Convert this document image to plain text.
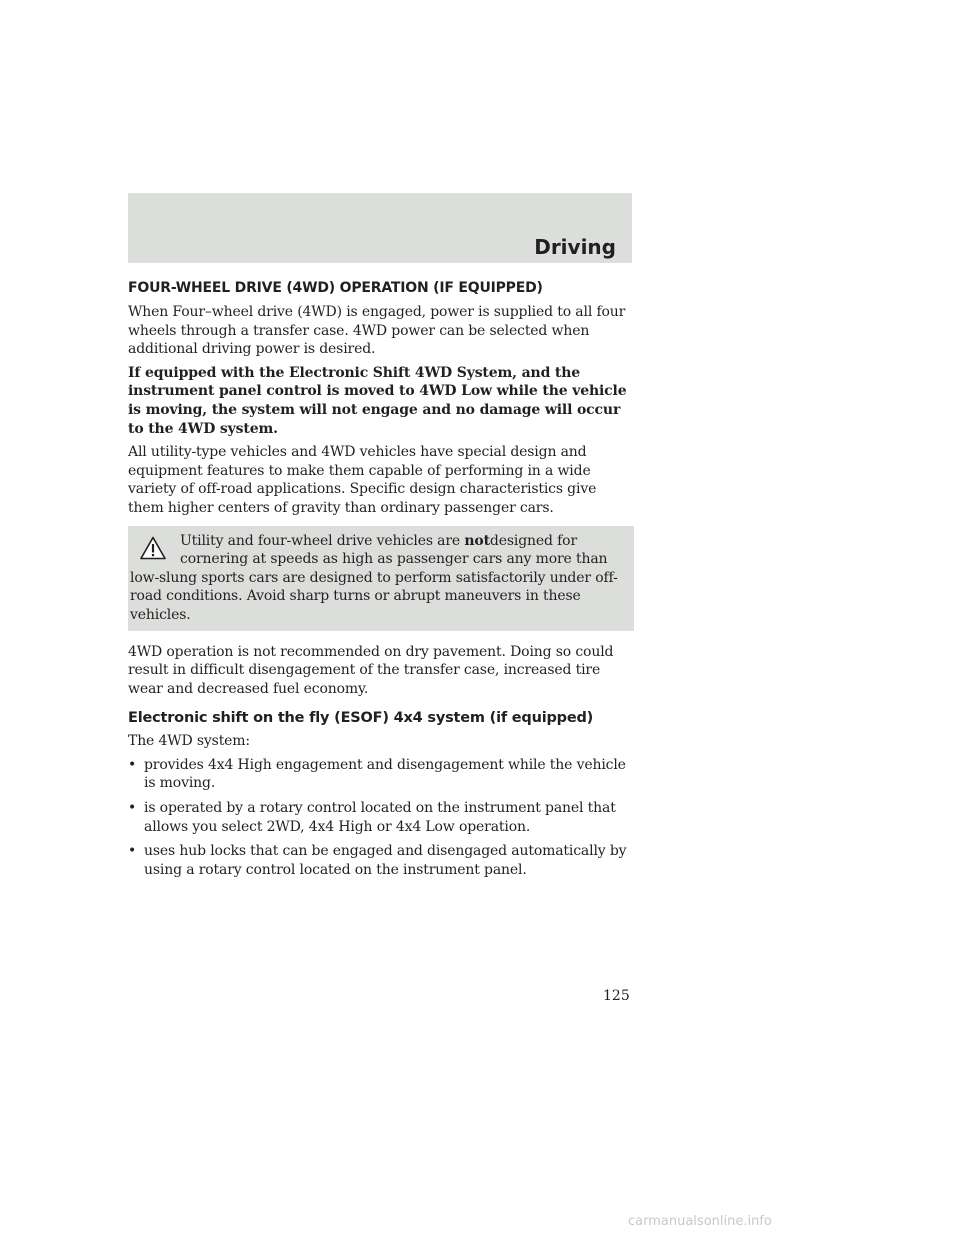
Driving
FOUR-WHEEL DRIVE (4WD) OPERATION (IF EQUIPPED)

When Four–wheel drive (4WD) is engaged, power is supplied to all four wheels through a transfer case. 4WD power can be selected when additional driving power is desired.

If equipped with the Electronic Shift 4WD System, and the instrument panel control is moved to 4WD Low while the vehicle is moving, the system will not engage and no damage will occur to the 4WD system.

All utility-type vehicles and 4WD vehicles have special design and equipment features to make them capable of performing in a wide variety of off-road applications. Specific design characteristics give them higher centers of gravity than ordinary passenger cars.

Utility and four-wheel drive vehicles are notdesigned for cornering at speeds as high as passenger cars any more than low-slung sports cars are designed to perform satisfactorily under off-road conditions. Avoid sharp turns or abrupt maneuvers in these vehicles.

4WD operation is not recommended on dry pavement. Doing so could result in difficult disengagement of the transfer case, increased tire wear and decreased fuel economy.

Electronic shift on the fly (ESOF) 4x4 system (if equipped)

The 4WD system:

• provides 4x4 High engagement and disengagement while the vehicle is moving.
• is operated by a rotary control located on the instrument panel that allows you select 2WD, 4x4 High or 4x4 Low operation.
• uses hub locks that can be engaged and disengaged automatically by using a rotary control located on the instrument panel.
125
carmanualsonline.info
